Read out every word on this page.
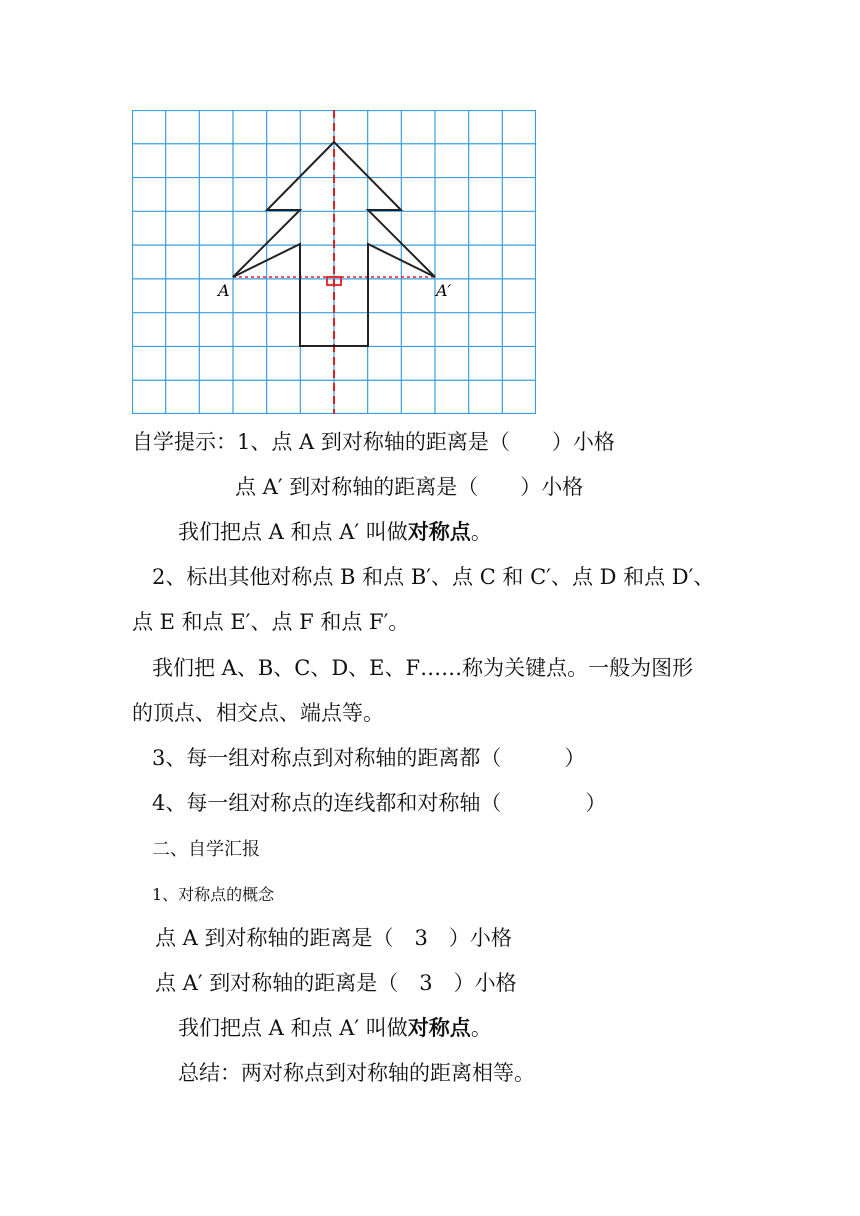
A	A′
自学提示：1、点 A 到对称轴的距离是（　　）小格
点 A′ 到对称轴的距离是（　　）小格
我们把点 A 和点 A′ 叫做对称点。
2、标出其他对称点 B 和点 B′、点 C 和 C′、点 D 和点 D′、
点 E 和点 E′、点 F 和点 F′。
我们把 A、B、C、D、E、F……称为关键点。一般为图形
的顶点、相交点、端点等。
3、每一组对称点到对称轴的距离都（　　　）
4、每一组对称点的连线都和对称轴（　　　　）
二、自学汇报
1、对称点的概念
点 A 到对称轴的距离是（　3　）小格
点 A′ 到对称轴的距离是（　3　）小格
我们把点 A 和点 A′ 叫做对称点。
总结：两对称点到对称轴的距离相等。
